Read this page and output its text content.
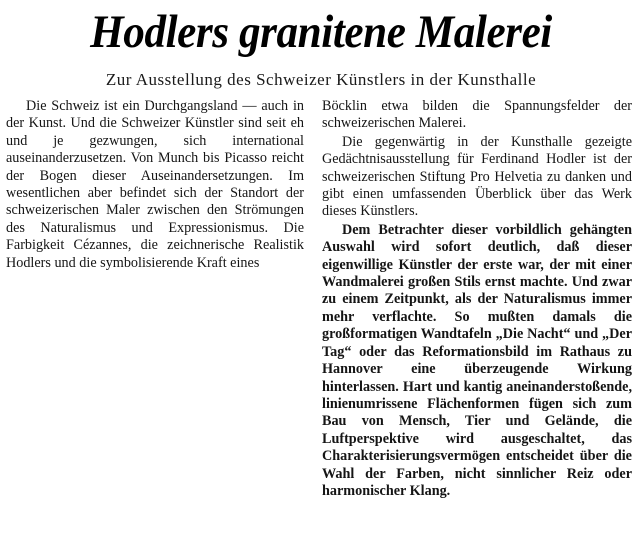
Hodlers granitene Malerei
Zur Ausstellung des Schweizer Künstlers in der Kunsthalle

Die Schweiz ist ein Durchgangsland — auch in der Kunst. Und die Schweizer Künstler sind seit eh und je gezwungen, sich international auseinanderzusetzen. Von Munch bis Picasso reicht der Bogen dieser Auseinandersetzungen. Im wesentlichen aber befindet sich der Standort der schweizerischen Maler zwischen den Strömungen des Naturalismus und Expressionismus. Die Farbigkeit Cézannes, die zeichnerische Realistik Hodlers und die symbolisierende Kraft eines

Böcklin etwa bilden die Spannungsfelder der schweizerischen Malerei.

Die gegenwärtig in der Kunsthalle gezeigte Gedächtnisausstellung für Ferdinand Hodler ist der schweizerischen Stiftung Pro Helvetia zu danken und gibt einen umfassenden Überblick über das Werk dieses Künstlers.

Dem Betrachter dieser vorbildlich gehängten Auswahl wird sofort deutlich, daß dieser eigenwillige Künstler der erste war, der mit einer Wandmalerei großen Stils ernst machte. Und zwar zu einem Zeitpunkt, als der Naturalismus immer mehr verflachte. So mußten damals die großformatigen Wandtafeln „Die Nacht“ und „Der Tag“ oder das Reformationsbild im Rathaus zu Hannover eine überzeugende Wirkung hinterlassen. Hart und kantig aneinanderstoßende, linienumrissene Flächenformen fügen sich zum Bau von Mensch, Tier und Gelände, die Luftperspektive wird ausgeschaltet, das Charakterisierungsvermögen entscheidet über die Wahl der Farben, nicht sinnlicher Reiz oder harmonischer Klang.
